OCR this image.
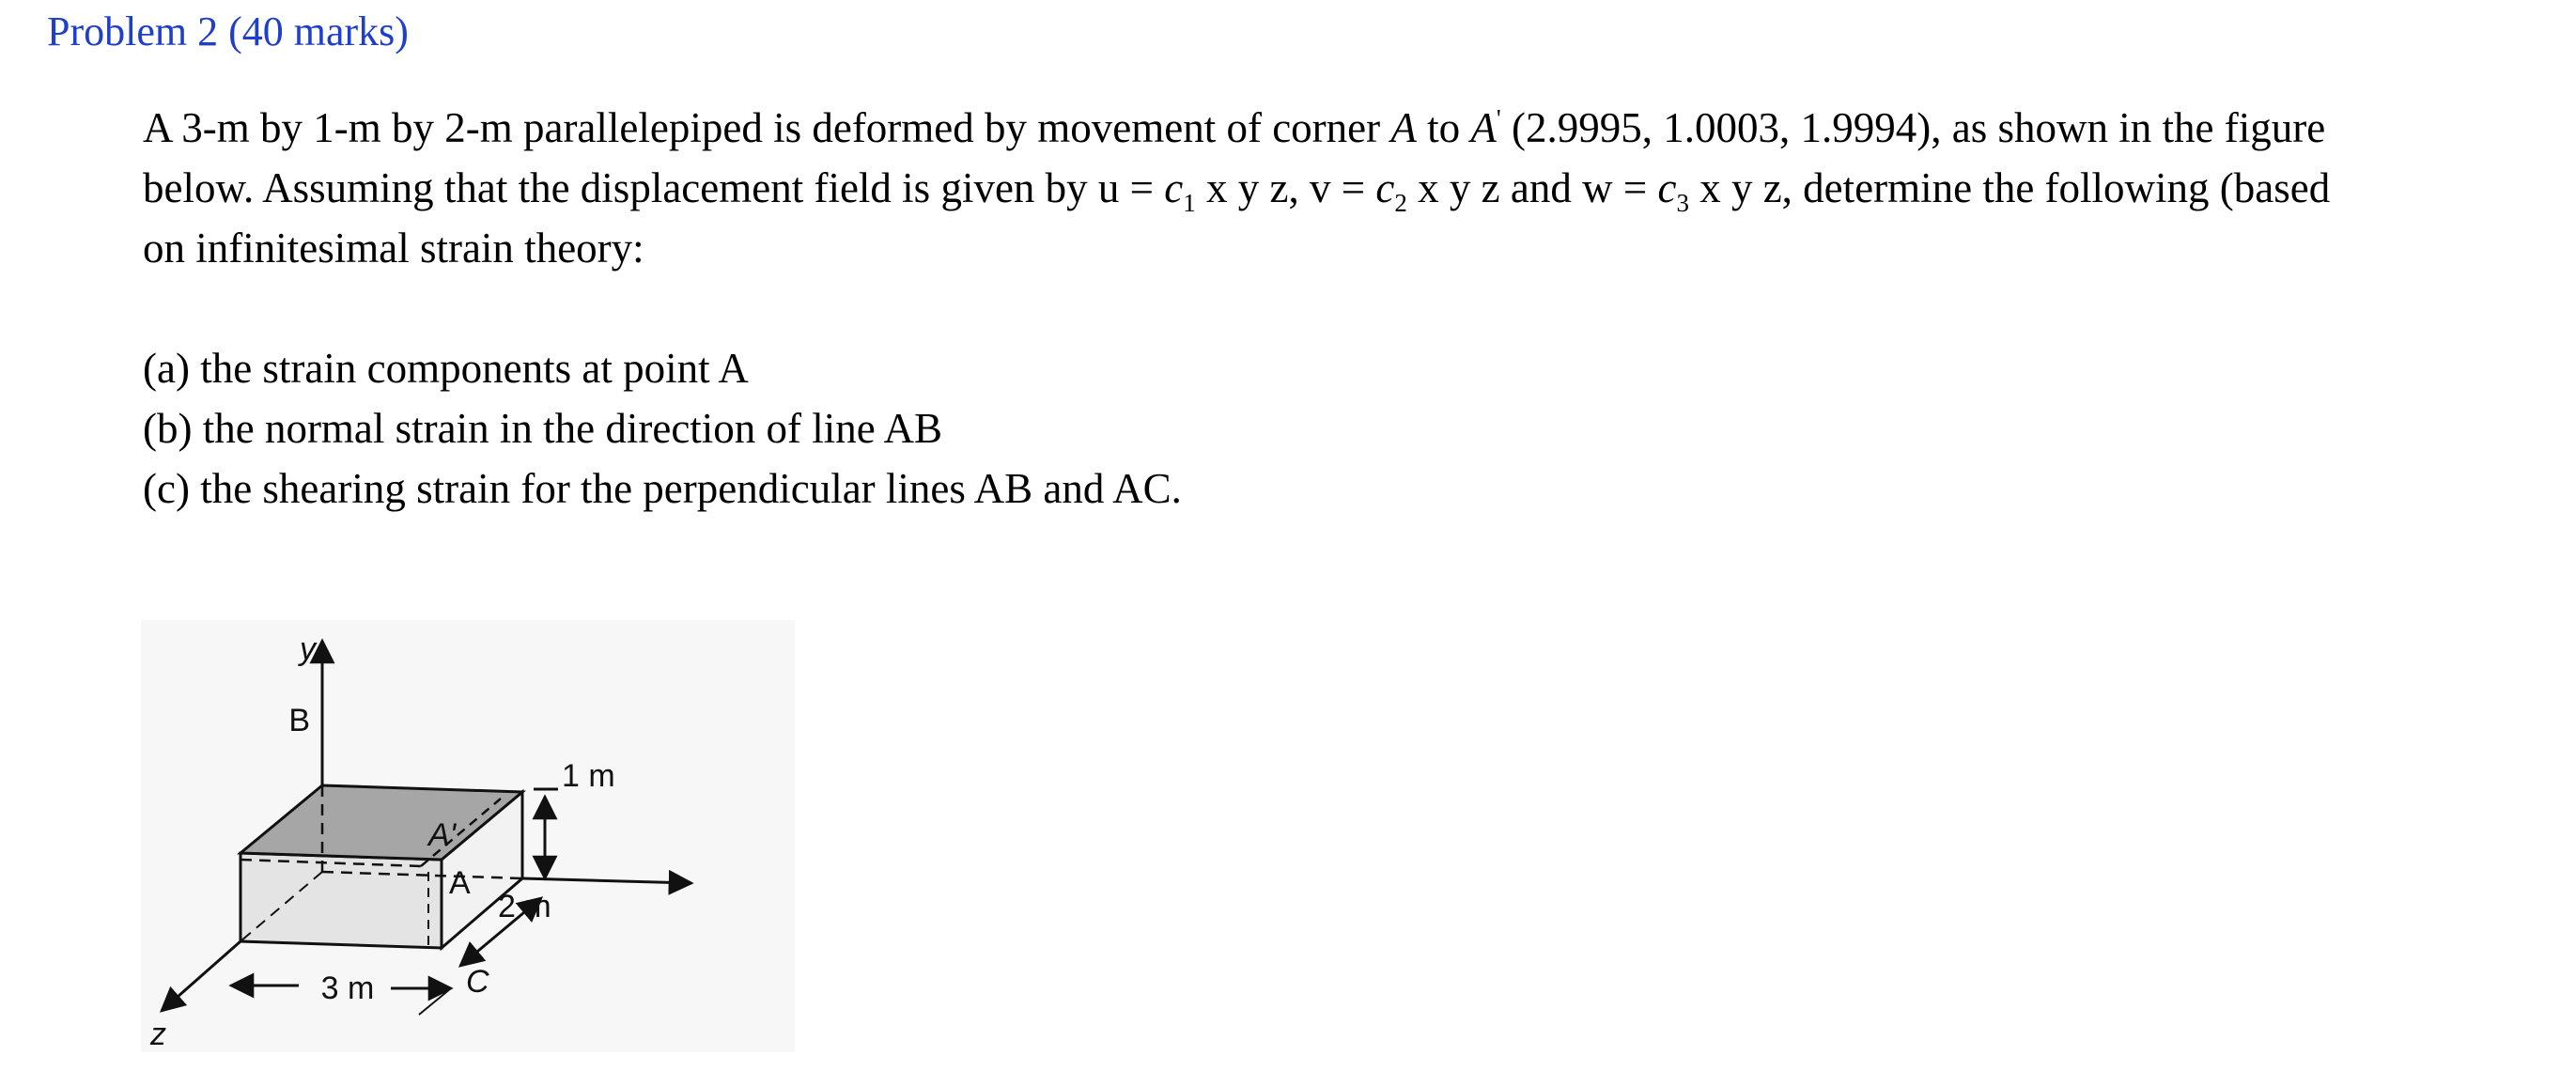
Problem 2 (40 marks)
A 3-m by 1-m by 2-m parallelepiped is deformed by movement of corner A to A' (2.9995, 1.0003, 1.9994), as shown in the figure
below. Assuming that the displacement field is given by $u = c_1$ x y z, $v = c_2$ x y z and $w = c_3$ x y z, determine the following (based
on infinitesimal strain theory:
(a) the strain components at point A
(b) the normal strain in the direction of line AB
(c) the shearing strain for the perpendicular lines AB and AC.
y
B
z
A'
A
C
1 m
2 m
3 m
